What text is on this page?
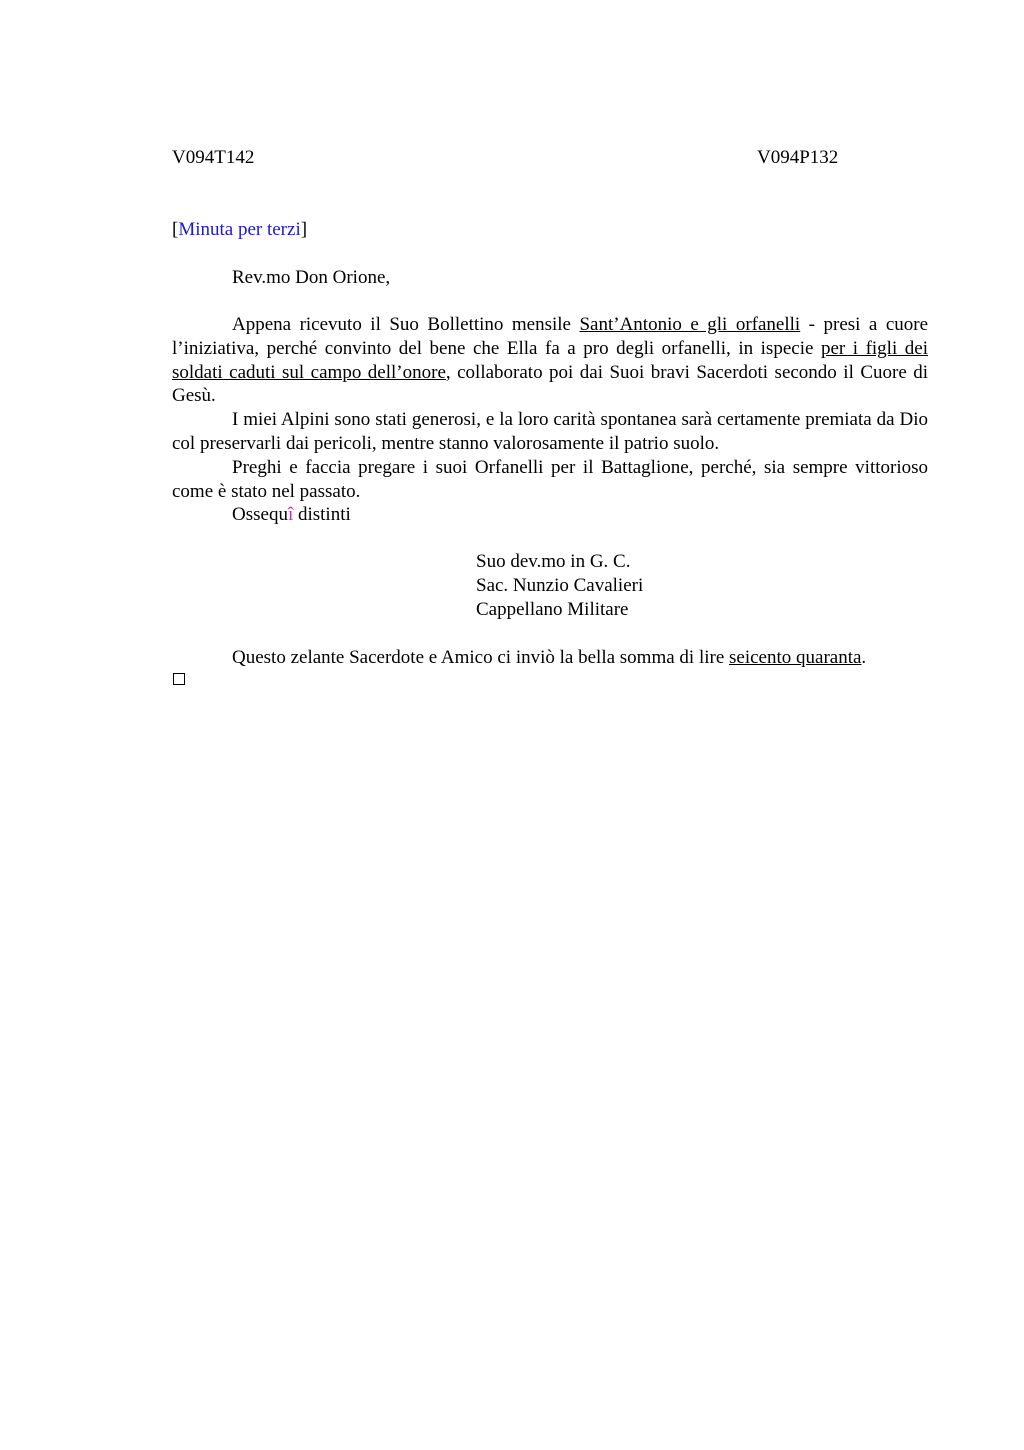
V094T142	V094P132
[Minuta per terzi]
Rev.mo Don Orione,

Appena ricevuto il Suo Bollettino mensile Sant’Antonio e gli orfanelli - presi a cuore l’iniziativa, perché convinto del bene che Ella fa a pro degli orfanelli, in ispecie per i figli dei soldati caduti sul campo dell’onore, collaborato poi dai Suoi bravi Sacerdoti secondo il Cuore di Gesù.

I miei Alpini sono stati generosi, e la loro carità spontanea sarà certamente premiata da Dio col preservarli dai pericoli, mentre stanno valorosamente il patrio suolo.

Preghi e faccia pregare i suoi Orfanelli per il Battaglione, perché, sia sempre vittorioso come è stato nel passato.

Ossequî distinti

Suo dev.mo in G. C.
Sac. Nunzio Cavalieri
Cappellano Militare
Questo zelante Sacerdote e Amico ci inviò la bella somma di lire seicento quaranta.
